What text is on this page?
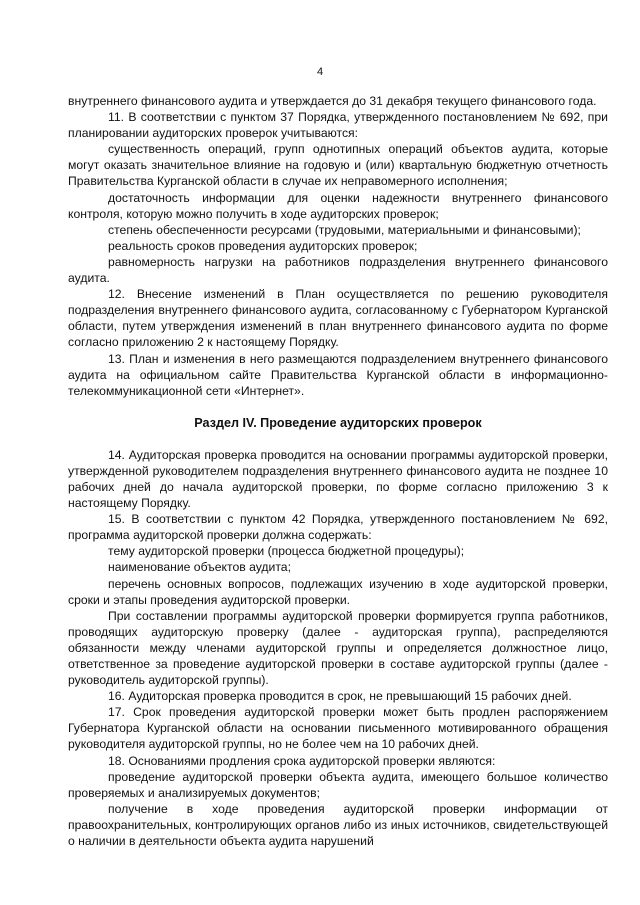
4

внутреннего финансового аудита и утверждается до 31 декабря текущего финансового года.

11. В соответствии с пунктом 37 Порядка, утвержденного постановлением № 692, при планировании аудиторских проверок учитываются:

существенность операций, групп однотипных операций объектов аудита, которые могут оказать значительное влияние на годовую и (или) квартальную бюджетную отчетность Правительства Курганской области в случае их неправомерного исполнения;

достаточность информации для оценки надежности внутреннего финансового контроля, которую можно получить в ходе аудиторских проверок;

степень обеспеченности ресурсами (трудовыми, материальными и финансовыми);

реальность сроков проведения аудиторских проверок;

равномерность нагрузки на работников подразделения внутреннего финансового аудита.

12. Внесение изменений в План осуществляется по решению руководителя подразделения внутреннего финансового аудита, согласованному с Губернатором Курганской области, путем утверждения изменений в план внутреннего финансового аудита по форме согласно приложению 2 к настоящему Порядку.

13. План и изменения в него размещаются подразделением внутреннего финансового аудита на официальном сайте Правительства Курганской области в информационно-телекоммуникационной сети «Интернет».

Раздел IV. Проведение аудиторских проверок

14. Аудиторская проверка проводится на основании программы аудиторской проверки, утвержденной руководителем подразделения внутреннего финансового аудита не позднее 10 рабочих дней до начала аудиторской проверки, по форме согласно приложению 3 к настоящему Порядку.

15. В соответствии с пунктом 42 Порядка, утвержденного постановлением № 692, программа аудиторской проверки должна содержать:

тему аудиторской проверки (процесса бюджетной процедуры);

наименование объектов аудита;

перечень основных вопросов, подлежащих изучению в ходе аудиторской проверки, сроки и этапы проведения аудиторской проверки.

При составлении программы аудиторской проверки формируется группа работников, проводящих аудиторскую проверку (далее - аудиторская группа), распределяются обязанности между членами аудиторской группы и определяется должностное лицо, ответственное за проведение аудиторской проверки в составе аудиторской группы (далее - руководитель аудиторской группы).

16. Аудиторская проверка проводится в срок, не превышающий 15 рабочих дней.

17. Срок проведения аудиторской проверки может быть продлен распоряжением Губернатора Курганской области на основании письменного мотивированного обращения руководителя аудиторской группы, но не более чем на 10 рабочих дней.

18. Основаниями продления срока аудиторской проверки являются:

проведение аудиторской проверки объекта аудита, имеющего большое количество проверяемых и анализируемых документов;

получение в ходе проведения аудиторской проверки информации от правоохранительных, контролирующих органов либо из иных источников, свидетельствующей о наличии в деятельности объекта аудита нарушений
